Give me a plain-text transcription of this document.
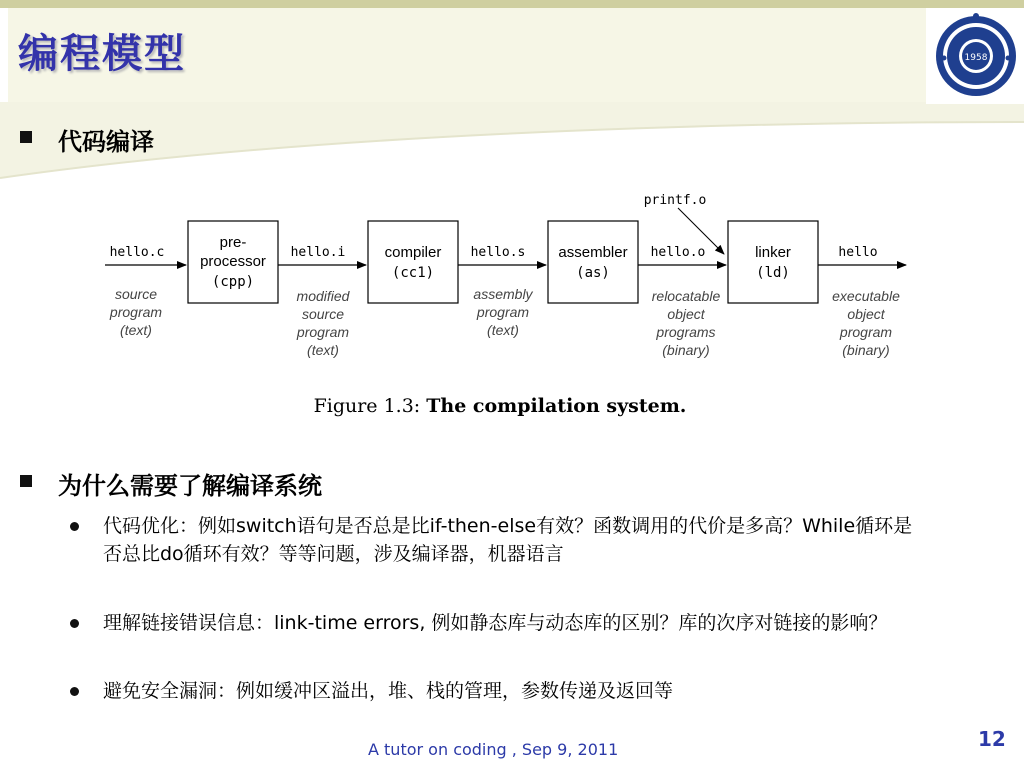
编程模型	1958
代码编译
pre-
processor
(cpp)
compiler
(cc1)
assembler
(as)
linker
(ld)
hello.c	hello.i	hello.s	hello.o	hello
printf.o
source
program
(text)
modified
source
program
(text)
assembly
program
(text)
relocatable
object
programs
(binary)
executable
object
program
(binary)
Figure 1.3: The compilation system.
为什么需要了解编译系统
代码优化：例如switch语句是否总是比if-then-else有效？函数调用的代价是多高？While循环是否总比do循环有效？等等问题，涉及编译器，机器语言
理解链接错误信息：link-time errors, 例如静态库与动态库的区别？库的次序对链接的影响？
避免安全漏洞：例如缓冲区溢出，堆、栈的管理，参数传递及返回等
A tutor on coding , Sep 9, 2011	12
